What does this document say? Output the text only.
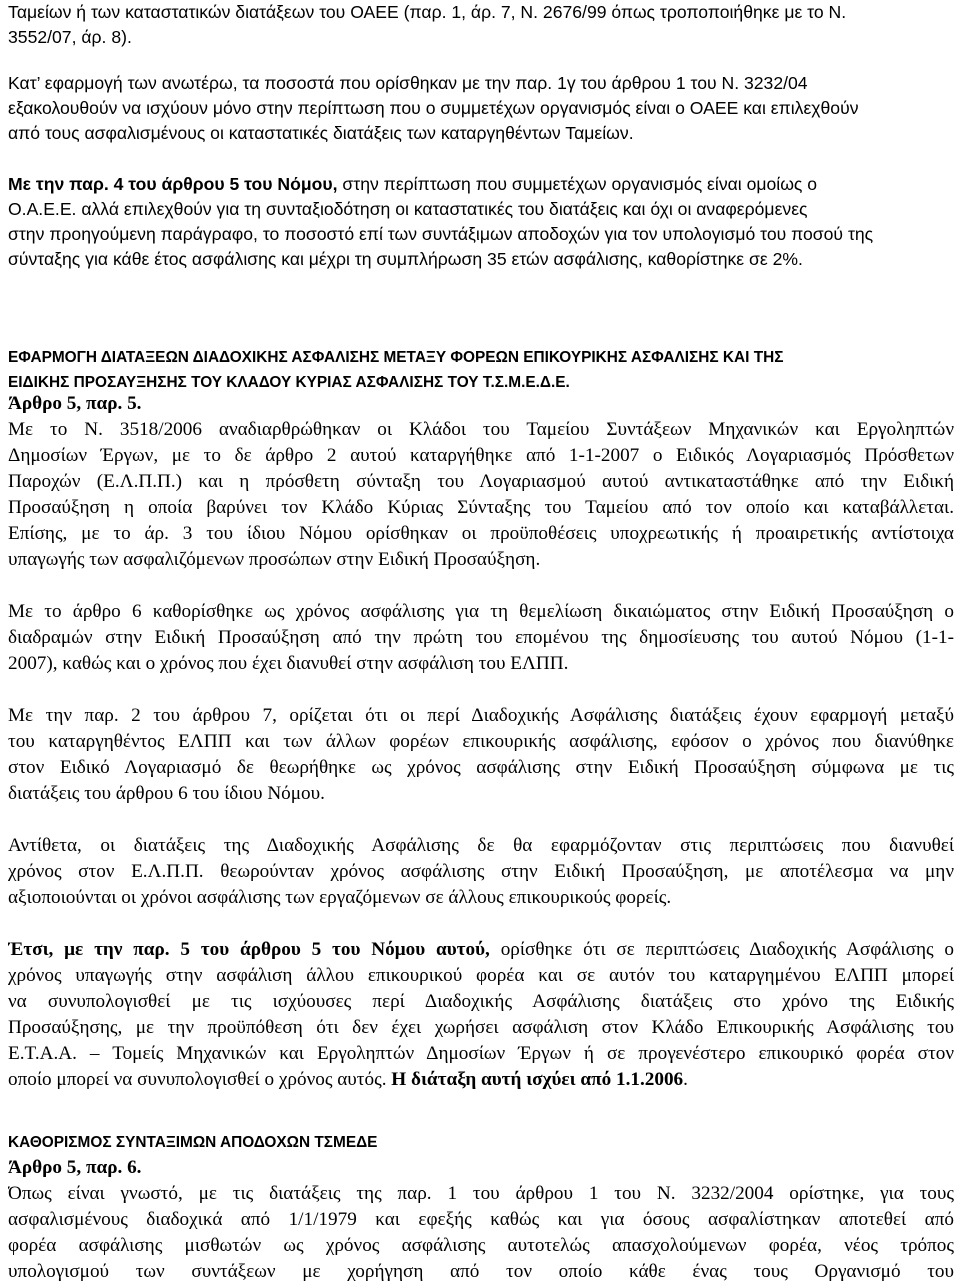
Ταμείων ή των καταστατικών διατάξεων του ΟΑΕΕ (παρ. 1, άρ. 7, Ν. 2676/99 όπως τροποποιήθηκε με το Ν.
3552/07, άρ. 8).
Κατ’ εφαρμογή των ανωτέρω, τα ποσοστά που ορίσθηκαν με την παρ. 1γ του άρθρου 1 του Ν. 3232/04
εξακολουθούν να ισχύουν μόνο στην περίπτωση που ο συμμετέχων οργανισμός είναι ο ΟΑΕΕ και επιλεχθούν
από τους ασφαλισμένους οι καταστατικές διατάξεις των καταργηθέντων Ταμείων.
Με την παρ. 4 του άρθρου 5 του Νόμου, στην περίπτωση που συμμετέχων οργανισμός είναι ομοίως ο
Ο.Α.Ε.Ε. αλλά επιλεχθούν για τη συνταξιοδότηση οι καταστατικές του διατάξεις και όχι οι αναφερόμενες
στην προηγούμενη παράγραφο, το ποσοστό επί των συντάξιμων αποδοχών για τον υπολογισμό του ποσού της
σύνταξης για κάθε έτος ασφάλισης και μέχρι τη συμπλήρωση 35 ετών ασφάλισης, καθορίστηκε σε 2%.
ΕΦΑΡΜΟΓΗ ΔΙΑΤΑΞΕΩΝ ΔΙΑΔΟΧΙΚΗΣ ΑΣΦΑΛΙΣΗΣ ΜΕΤΑΞΥ ΦΟΡΕΩΝ ΕΠΙΚΟΥΡΙΚΗΣ ΑΣΦΑΛΙΣΗΣ ΚΑΙ ΤΗΣ
ΕΙΔΙΚΗΣ ΠΡΟΣΑΥΞΗΣΗΣ ΤΟΥ ΚΛΑΔΟΥ ΚΥΡΙΑΣ ΑΣΦΑΛΙΣΗΣ ΤΟΥ Τ.Σ.Μ.Ε.Δ.Ε.
Άρθρο 5, παρ. 5.
Με το Ν. 3518/2006 αναδιαρθρώθηκαν οι Κλάδοι του Ταμείου Συντάξεων Μηχανικών και Εργοληπτών
Δημοσίων Έργων, με το δε άρθρο 2 αυτού καταργήθηκε από 1-1-2007 ο Ειδικός Λογαριασμός Πρόσθετων
Παροχών (Ε.Λ.Π.Π.) και η πρόσθετη σύνταξη του Λογαριασμού αυτού αντικαταστάθηκε από την Ειδική
Προσαύξηση η οποία βαρύνει τον Κλάδο Κύριας Σύνταξης του Ταμείου από τον οποίο και καταβάλλεται.
Επίσης, με το άρ. 3 του ίδιου Νόμου ορίσθηκαν οι προϋποθέσεις υποχρεωτικής ή προαιρετικής αντίστοιχα
υπαγωγής των ασφαλιζόμενων προσώπων στην Ειδική Προσαύξηση.
Με το άρθρο 6 καθορίσθηκε ως χρόνος ασφάλισης για τη θεμελίωση δικαιώματος στην Ειδική Προσαύξηση ο
διαδραμών στην Ειδική Προσαύξηση από την πρώτη του επομένου της δημοσίευσης του αυτού Νόμου (1-1-
2007), καθώς και ο χρόνος που έχει διανυθεί στην ασφάλιση του ΕΛΠΠ.
Με την παρ. 2 του άρθρου 7, ορίζεται ότι οι περί Διαδοχικής Ασφάλισης διατάξεις έχουν εφαρμογή μεταξύ
του καταργηθέντος ΕΛΠΠ και των άλλων φορέων επικουρικής ασφάλισης, εφόσον ο χρόνος που διανύθηκε
στον Ειδικό Λογαριασμό δε θεωρήθηκε ως χρόνος ασφάλισης στην Ειδική Προσαύξηση σύμφωνα με τις
διατάξεις του άρθρου 6 του ίδιου Νόμου.
Αντίθετα, οι διατάξεις της Διαδοχικής Ασφάλισης δε θα εφαρμόζονταν στις περιπτώσεις που διανυθεί
χρόνος στον Ε.Λ.Π.Π. θεωρούνταν χρόνος ασφάλισης στην Ειδική Προσαύξηση, με αποτέλεσμα να μην
αξιοποιούνται οι χρόνοι ασφάλισης των εργαζόμενων σε άλλους επικουρικούς φορείς.
Έτσι, με την παρ. 5 του άρθρου 5 του Νόμου αυτού, ορίσθηκε ότι σε περιπτώσεις Διαδοχικής Ασφάλισης ο
χρόνος υπαγωγής στην ασφάλιση άλλου επικουρικού φορέα και σε αυτόν του καταργημένου ΕΛΠΠ μπορεί
να συνυπολογισθεί με τις ισχύουσες περί Διαδοχικής Ασφάλισης διατάξεις στο χρόνο της Ειδικής
Προσαύξησης, με την προϋπόθεση ότι δεν έχει χωρήσει ασφάλιση στον Κλάδο Επικουρικής Ασφάλισης του
Ε.Τ.Α.Α. – Τομείς Μηχανικών και Εργοληπτών Δημοσίων Έργων ή σε προγενέστερο επικουρικό φορέα στον
οποίο μπορεί να συνυπολογισθεί ο χρόνος αυτός. Η διάταξη αυτή ισχύει από 1.1.2006.
ΚΑΘΟΡΙΣΜΟΣ ΣΥΝΤΑΞΙΜΩΝ ΑΠΟΔΟΧΩΝ ΤΣΜΕΔΕ
Άρθρο 5, παρ. 6.
Όπως είναι γνωστό, με τις διατάξεις της παρ. 1 του άρθρου 1 του Ν. 3232/2004 ορίστηκε, για τους
ασφαλισμένους διαδοχικά από 1/1/1979 και εφεξής καθώς και για όσους ασφαλίστηκαν αποτεθεί από
φορέα ασφάλισης μισθωτών ως χρόνος ασφάλισης αυτοτελώς απασχολούμενων φορέα, νέος τρόπος
υπολογισμού των συντάξεων με χορήγηση από τον οποίο κάθε ένας τους Οργανισμό του
